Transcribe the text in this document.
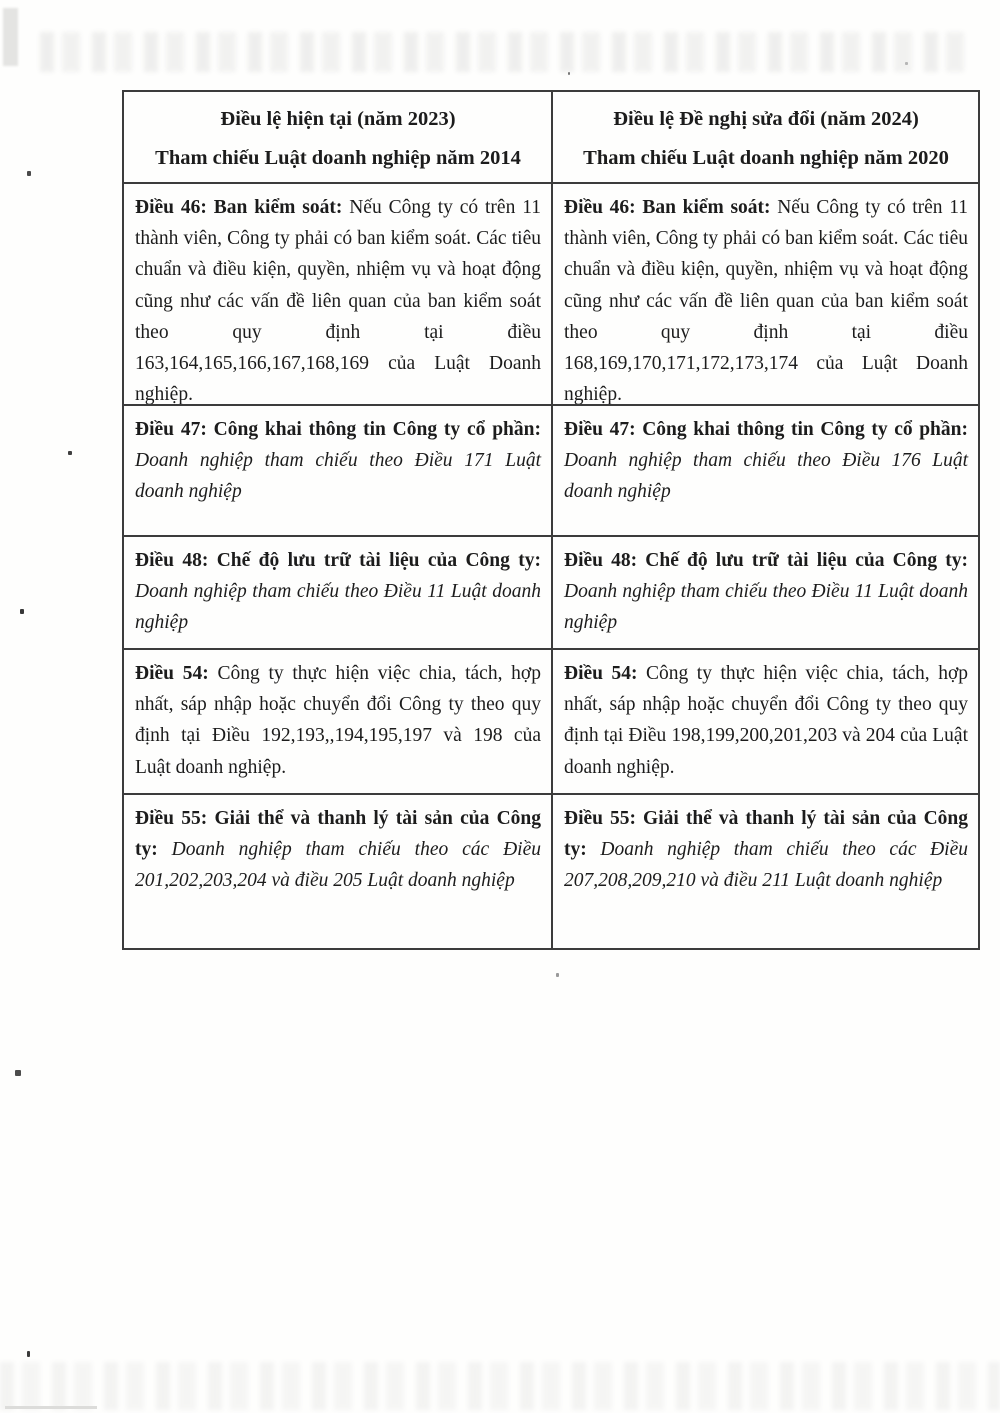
Điều lệ hiện tại (năm 2023)
Tham chiếu Luật doanh nghiệp năm 2014
Điều lệ Đề nghị sửa đổi (năm 2024)
Tham chiếu Luật doanh nghiệp năm 2020
Điều 46: Ban kiểm soát: Nếu Công ty có trên 11 thành viên, Công ty phải có ban kiểm soát. Các tiêu chuẩn và điều kiện, quyền, nhiệm vụ và hoạt động cũng như các vấn đề liên quan của ban kiểm soát theo quy định tại điều 163,164,165,166,167,168,169 của Luật Doanh nghiệp.
Điều 46: Ban kiểm soát: Nếu Công ty có trên 11 thành viên, Công ty phải có ban kiểm soát. Các tiêu chuẩn và điều kiện, quyền, nhiệm vụ và hoạt động cũng như các vấn đề liên quan của ban kiểm soát theo quy định tại điều 168,169,170,171,172,173,174 của Luật Doanh nghiệp.
Điều 47: Công khai thông tin Công ty cổ phần: Doanh nghiệp tham chiếu theo Điều 171 Luật doanh nghiệp
Điều 47: Công khai thông tin Công ty cổ phần: Doanh nghiệp tham chiếu theo Điều 176 Luật doanh nghiệp
Điều 48: Chế độ lưu trữ tài liệu của Công ty: Doanh nghiệp tham chiếu theo Điều 11 Luật doanh nghiệp
Điều 48: Chế độ lưu trữ tài liệu của Công ty: Doanh nghiệp tham chiếu theo Điều 11 Luật doanh nghiệp
Điều 54: Công ty thực hiện việc chia, tách, hợp nhất, sáp nhập hoặc chuyển đổi Công ty theo quy định tại Điều 192,193,,194,195,197 và 198 của Luật doanh nghiệp.
Điều 54: Công ty thực hiện việc chia, tách, hợp nhất, sáp nhập hoặc chuyển đổi Công ty theo quy định tại Điều 198,199,200,201,203 và 204 của Luật doanh nghiệp.
Điều 55: Giải thể và thanh lý tài sản của Công ty: Doanh nghiệp tham chiếu theo các Điều 201,202,203,204 và điều 205 Luật doanh nghiệp
Điều 55: Giải thể và thanh lý tài sản của Công ty: Doanh nghiệp tham chiếu theo các Điều 207,208,209,210 và điều 211 Luật doanh nghiệp
